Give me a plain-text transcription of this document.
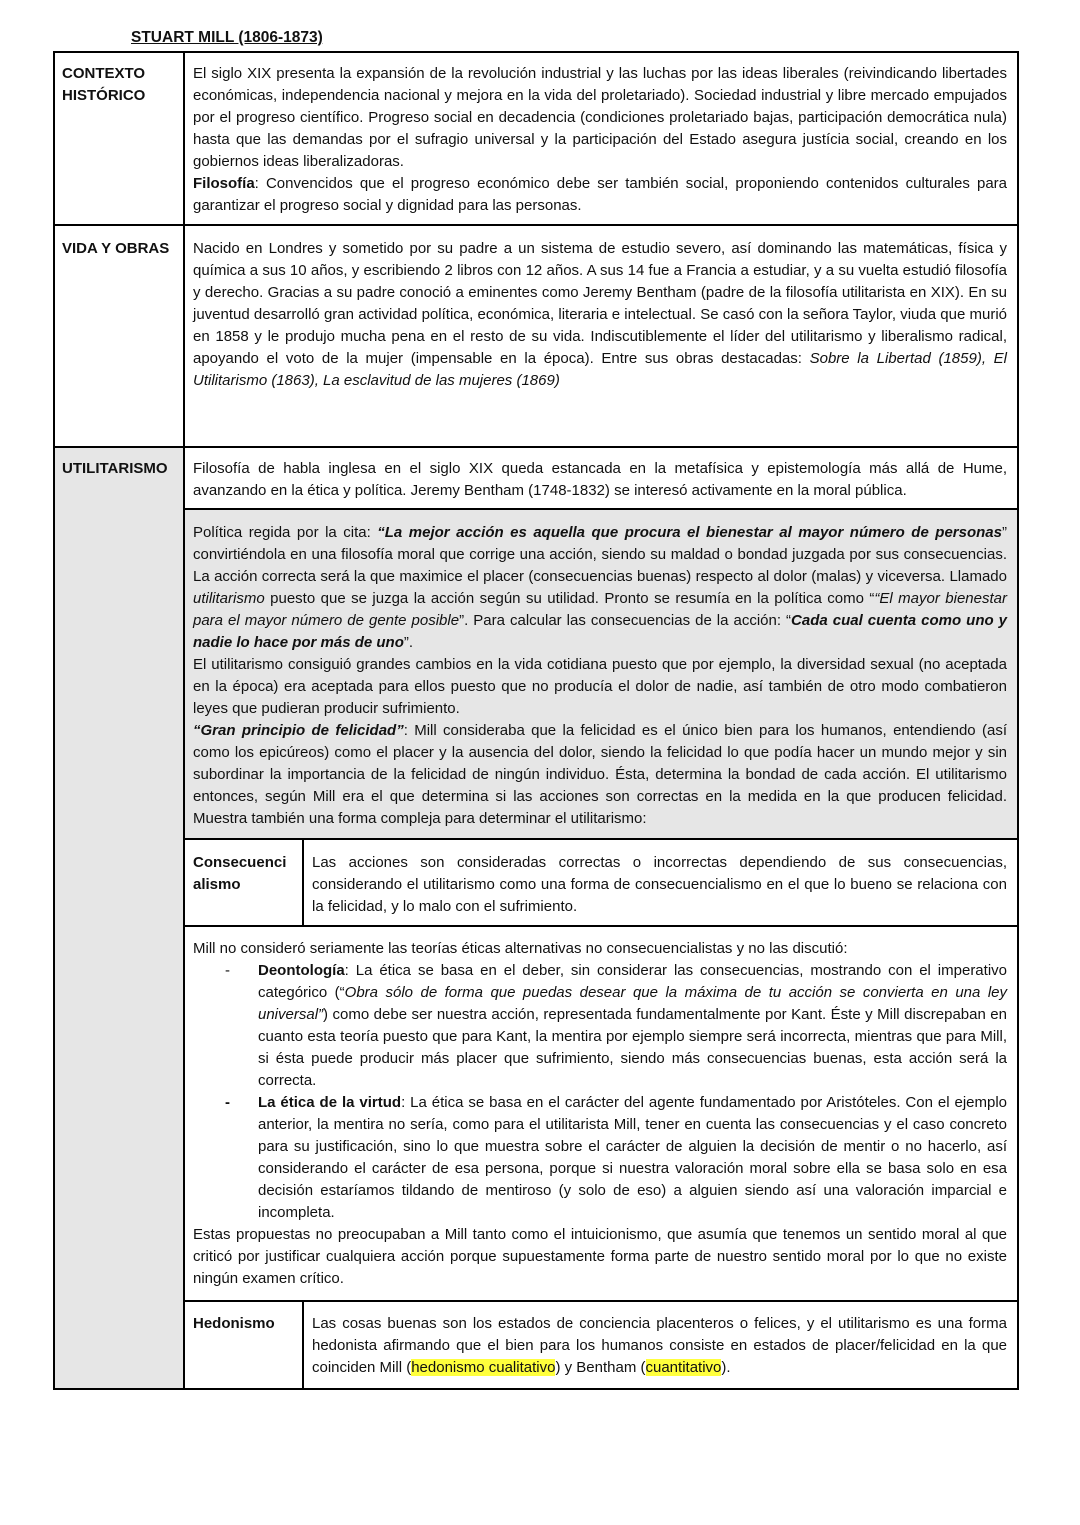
STUART MILL (1806-1873)
CONTEXTO HISTÓRICO
VIDA Y OBRAS
UTILITARISMO

El siglo XIX presenta la expansión de la revolución industrial y las luchas por las ideas liberales (reivindicando libertades económicas, independencia nacional y mejora en la vida del proletariado). Sociedad industrial y libre mercado empujados por el progreso científico. Progreso social en decadencia (condiciones proletariado bajas, participación democrática nula) hasta que las demandas por el sufragio universal y la participación del Estado asegura justícia social, creando en los gobiernos ideas liberalizadoras.

Filosofía: Convencidos que el progreso económico debe ser también social, proponiendo contenidos culturales para garantizar el progreso social y dignidad para las personas.

Nacido en Londres y sometido por su padre a un sistema de estudio severo, así dominando las matemáticas, física y química a sus 10 años, y escribiendo 2 libros con 12 años. A sus 14 fue a Francia a estudiar, y a su vuelta estudió filosofía y derecho. Gracias a su padre conoció a eminentes como Jeremy Bentham (padre de la filosofía utilitarista en XIX). En su juventud desarrolló gran actividad política, económica, literaria e intelectual. Se casó con la señora Taylor, viuda que murió en 1858 y le produjo mucha pena en el resto de su vida. Indiscutiblemente el líder del utilitarismo y liberalismo radical, apoyando el voto de la mujer (impensable en la época). Entre sus obras destacadas: Sobre la Libertad (1859), El Utilitarismo (1863), La esclavitud de las mujeres (1869)

Filosofía de habla inglesa en el siglo XIX queda estancada en la metafísica y epistemología más allá de Hume, avanzando en la ética y política. Jeremy Bentham (1748-1832) se interesó activamente en la moral pública.

Política regida por la cita: “La mejor acción es aquella que procura el bienestar al mayor número de personas” convirtiéndola en una filosofía moral que corrige una acción, siendo su maldad o bondad juzgada por sus consecuencias. La acción correcta será la que maximice el placer (consecuencias buenas) respecto al dolor (malas) y viceversa. Llamado utilitarismo puesto que se juzga la acción según su utilidad. Pronto se resumía en la política como ““El mayor bienestar para el mayor número de gente posible”. Para calcular las consecuencias de la acción: “Cada cual cuenta como uno y nadie lo hace por más de uno”.

El utilitarismo consiguió grandes cambios en la vida cotidiana puesto que por ejemplo, la diversidad sexual (no aceptada en la época) era aceptada para ellos puesto que no producía el dolor de nadie, así también de otro modo combatieron leyes que pudieran producir sufrimiento.

“Gran principio de felicidad”: Mill consideraba que la felicidad es el único bien para los humanos, entendiendo (así como los epicúreos) como el placer y la ausencia del dolor, siendo la felicidad lo que podía hacer un mundo mejor y sin subordinar la importancia de la felicidad de ningún individuo. Ésta, determina la bondad de cada acción. El utilitarismo entonces, según Mill era el que determina si las acciones son correctas en la medida en la que producen felicidad. Muestra también una forma compleja para determinar el utilitarismo:

Consecuencialismo
Las acciones son consideradas correctas o incorrectas dependiendo de sus consecuencias, considerando el utilitarismo como una forma de consecuencialismo en el que lo bueno se relaciona con la felicidad, y lo malo con el sufrimiento.

Mill no consideró seriamente las teorías éticas alternativas no consecuencialistas y no las discutió:

- Deontología: La ética se basa en el deber, sin considerar las consecuencias, mostrando con el imperativo categórico (“Obra sólo de forma que puedas desear que la máxima de tu acción se convierta en una ley universal”) como debe ser nuestra acción, representada fundamentalmente por Kant. Éste y Mill discrepaban en cuanto esta teoría puesto que para Kant, la mentira por ejemplo siempre será incorrecta, mientras que para Mill, si ésta puede producir más placer que sufrimiento, siendo más consecuencias buenas, esta acción será la correcta.
- La ética de la virtud: La ética se basa en el carácter del agente fundamentado por Aristóteles. Con el ejemplo anterior, la mentira no sería, como para el utilitarista Mill, tener en cuenta las consecuencias y el caso concreto para su justificación, sino lo que muestra sobre el carácter de alguien la decisión de mentir o no hacerlo, así considerando el carácter de esa persona, porque si nuestra valoración moral sobre ella se basa solo en esa decisión estaríamos tildando de mentiroso (y solo de eso) a alguien siendo así una valoración imparcial e incompleta.

Estas propuestas no preocupaban a Mill tanto como el intuicionismo, que asumía que tenemos un sentido moral al que criticó por justificar cualquiera acción porque supuestamente forma parte de nuestro sentido moral por lo que no existe ningún examen crítico.

Hedonismo	Las cosas buenas son los estados de conciencia placenteros o felices, y el utilitarismo es una forma hedonista afirmando que el bien para los humanos consiste en estados de placer/felicidad en la que coinciden Mill (hedonismo cualitativo) y Bentham (cuantitativo).
